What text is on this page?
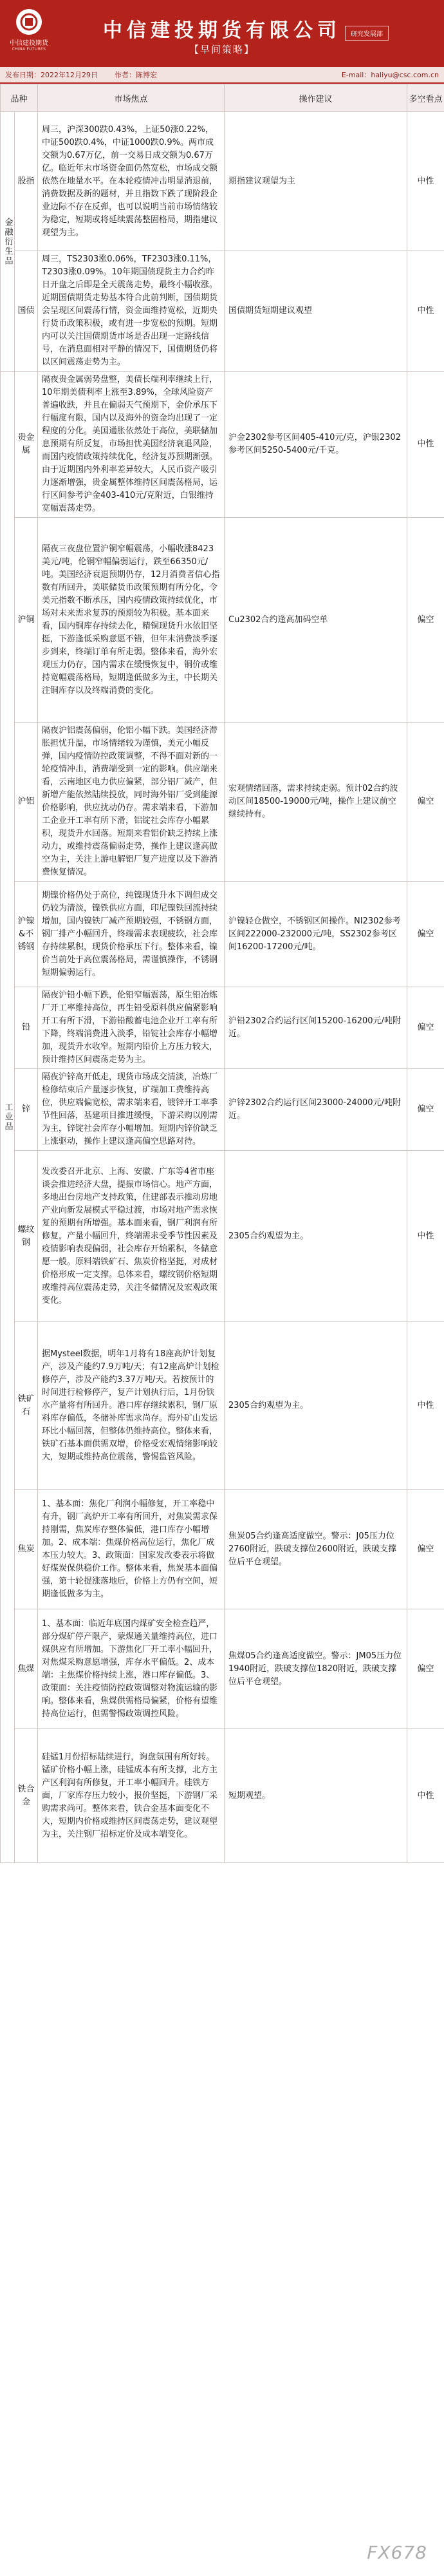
中信建投期货
CHINA FUTURES
中信建投期货有限公司
【早间策略】
研究发展部
发布日期：2022年12月29日 作者：陈博宏	E-mail：haliyu@csc.com.cn
品种		市场焦点	操作建议	多空看点
金融衍生品	股指	周三，沪深300跌0.43%，上证50涨0.22%，中证500跌0.4%，中证1000跌0.9%。两市成交额为0.67万亿，前一交易日成交额为0.67万亿。临近年末市场资金面仍然宽松，市场成交额依然在地量水平。在本轮疫情冲击明显消退前，消费数据及新的题材，并且指数下跌了现阶段企业边际不存在反弹，也可以说明当前市场情绪较为稳定，短期或将延续震荡整固格局，期指建议观望为主。	期指建议观望为主	中性
	国债	周三，TS2303涨0.06%，TF2303涨0.11%，T2303涨0.09%。10年期国债现货主力合约昨日开盘之后即是全天震荡走势，最终小幅收涨。近期国债期货走势基本符合此前判断，国债期货会呈现区间震荡行情，资金面维持宽松，近期央行货币政策积极，或有进一步宽松的预期。短期内可以关注国债期货市场是否出现一定路线信号，在消息面相对平静的情况下，国债期货仍将以区间震荡走势为主。	国债期货短期建议观望	中性
工业品	贵金属	隔夜贵金属弱势盘整，美债长端利率继续上行，10年期美债利率上涨至3.89%，全球风险资产普遍收跌，并且在偏弱天气预期下，金价承压下行幅度有限，国内以及海外的资金均出现了一定程度的分化。美国通胀依然处于高位，美联储加息预期有所反复，市场担忧美国经济衰退风险，而国内疫情政策持续优化，经济复苏预期渐强。由于近期国内外利率差异较大，人民币资产吸引力逐渐增强，贵金属整体维持区间震荡格局，运行区间参考沪金403-410元/克附近，白银维持宽幅震荡走势。	沪金2302参考区间405-410元/克，沪银2302参考区间5250-5400元/千克。	中性
	沪铜	隔夜三夜盘位置沪铜窄幅震荡，小幅收涨8423美元/吨，伦铜窄幅偏弱运行，跌至66350元/吨。美国经济衰退预期仍存，12月消费者信心指数有所回升，美联储货币政策预期有所分化，令美元指数不断承压，国内疫情政策持续优化，市场对未来需求复苏的预期较为积极。基本面来看，国内铜库存持续去化，精铜现货升水依旧坚挺，下游逢低采购意愿不错，但年末消费淡季逐步到来，终端订单有所走弱。整体来看，海外宏观压力仍存，国内需求在缓慢恢复中，铜价或维持宽幅震荡格局，短期逢低做多为主，中长期关注铜库存以及终端消费的变化。	Cu2302合约逢高加码空单	偏空
	沪铝	隔夜沪铝震荡偏弱，伦铝小幅下跌。美国经济滞胀担忧升温，市场情绪较为谨慎，美元小幅反弹，国内疫情防控政策调整，不得不面对新的一轮疫情冲击，消费端受到一定的影响。供应端来看，云南地区电力供应偏紧，部分铝厂减产，但新增产能依然陆续投放，同时海外铝厂受到能源价格影响，供应扰动仍存。需求端来看，下游加工企业开工率有所下滑，铝锭社会库存小幅累积，现货升水回落。短期来看铝价缺乏持续上涨动力，或维持震荡偏弱走势，操作上建议逢高做空为主，关注上游电解铝厂复产进度以及下游消费恢复情况。	宏观情绪回落，需求持续走弱。预计02合约波动区间18500-19000元/吨，操作上建议前空继续持有。	偏空
	沪镍&不锈钢	期镍价格仍处于高位，纯镍现货升水下调但成交仍较为清淡，镍铁供应方面，印尼镍铁回流持续增加，国内镍铁厂减产预期较强，不锈钢方面，钢厂排产小幅回升，终端需求表现疲软，社会库存持续累积，现货价格承压下行。整体来看，镍价当前处于高位震荡格局，需谨慎操作，不锈钢短期偏弱运行。	沪镍轻仓做空，不锈钢区间操作。NI2302参考区间222000-232000元/吨，SS2302参考区间16200-17200元/吨。	偏空
	铅	隔夜沪铅小幅下跌，伦铅窄幅震荡，原生铅冶炼厂开工率维持高位，再生铅受原料供应偏紧影响开工有所下滑，下游铅酸蓄电池企业开工率有所下降，终端消费进入淡季，铅锭社会库存小幅增加，现货升水收窄。短期内铅价上方压力较大，预计维持区间震荡走势为主。	沪铅2302合约运行区间15200-16200元/吨附近。	偏空
	锌	隔夜沪锌高开低走，现货市场成交清淡，冶炼厂检修结束后产量逐步恢复，矿端加工费维持高位，供应端偏宽松，需求端来看，镀锌开工率季节性回落，基建项目推进缓慢，下游采购以刚需为主，锌锭社会库存小幅增加。短期内锌价缺乏上涨驱动，操作上建议逢高偏空思路对待。	沪锌2302合约运行区间23000-24000元/吨附近。	偏空
	螺纹钢	发改委召开北京、上海、安徽、广东等4省市座谈会推进经济大盘，提振市场信心。地产方面，多地出台房地产支持政策，住建部表示推动房地产业向新发展模式平稳过渡，市场对地产需求恢复的预期有所增强。基本面来看，钢厂利润有所修复，产量小幅回升，终端需求受季节性因素及疫情影响表现偏弱，社会库存开始累积，冬储意愿一般。原料端铁矿石、焦炭价格坚挺，对成材价格形成一定支撑。总体来看，螺纹钢价格短期或维持高位震荡走势，关注冬储情况及宏观政策变化。	2305合约观望为主。	中性
	铁矿石	据Mysteel数据，明年1月将有18座高炉计划复产，涉及产能约7.9万吨/天；有12座高炉计划检修停产，涉及产能约3.37万吨/天。若按预计的时间进行检修停产，复产计划执行后，1月份铁水产量将有所回升。港口库存继续累积，钢厂原料库存偏低，冬储补库需求尚存。海外矿山发运环比小幅回落，但整体仍维持高位。整体来看，铁矿石基本面供需双增，价格受宏观情绪影响较大，短期或维持高位震荡，警惕监管风险。	2305合约观望为主。	中性
	焦炭	1、基本面：焦化厂利润小幅修复，开工率稳中有升，钢厂高炉开工率有所回升，对焦炭需求保持刚需，焦炭库存整体偏低，港口库存小幅增加。2、成本端：焦煤价格高位运行，焦化厂成本压力较大。3、政策面：国家发改委表示将做好煤炭保供稳价工作。整体来看，焦炭基本面偏强，第十轮提涨落地后，价格上方仍有空间，短期逢低做多为主。	焦炭05合约逢高适度做空。警示：J05压力位2760附近，跌破支撑位2600附近，跌破支撑位后平仓观望。	偏空
	焦煤	1、基本面：临近年底国内煤矿安全检查趋严，部分煤矿停产限产，蒙煤通关量维持高位，进口煤供应有所增加。下游焦化厂开工率小幅回升，对焦煤采购意愿增强，库存水平偏低。2、成本端：主焦煤价格持续上涨，港口库存偏低。3、政策面：关注疫情防控政策调整对物流运输的影响。整体来看，焦煤供需格局偏紧，价格有望维持高位运行，但需警惕政策调控风险。	焦煤05合约逢高适度做空。警示：JM05压力位1940附近，跌破支撑位1820附近，跌破支撑位后平仓观望。	偏空
	铁合金	硅锰1月份招标陆续进行，询盘氛围有所好转。锰矿价格小幅上涨，硅锰成本有所支撑，北方主产区利润有所修复，开工率小幅回升。硅铁方面，厂家库存压力较小，报价坚挺，下游钢厂采购需求尚可。整体来看，铁合金基本面变化不大，短期内价格或维持区间震荡走势，建议观望为主，关注钢厂招标定价及成本端变化。	短期观望。	中性
FX678
